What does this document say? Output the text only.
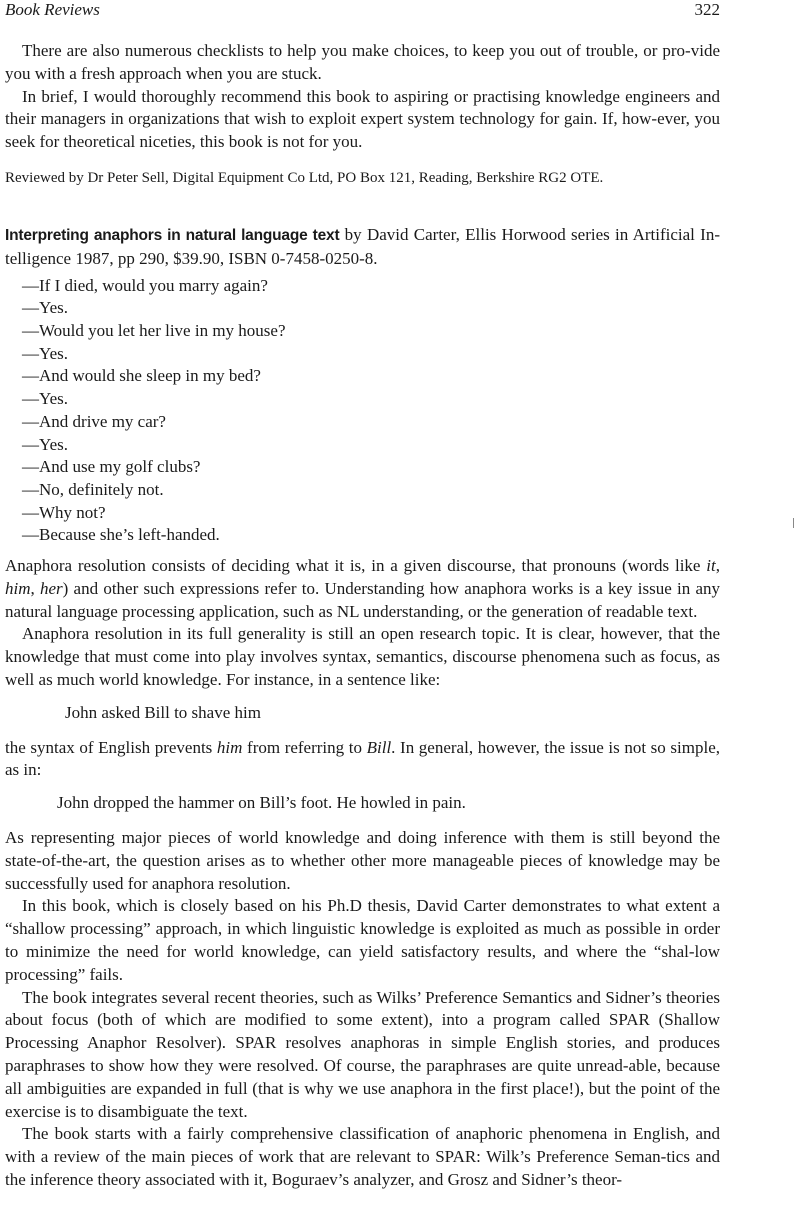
Book Reviews	322

There are also numerous checklists to help you make choices, to keep you out of trouble, or pro-vide you with a fresh approach when you are stuck.

In brief, I would thoroughly recommend this book to aspiring or practising knowledge engineers and their managers in organizations that wish to exploit expert system technology for gain. If, how-ever, you seek for theoretical niceties, this book is not for you.

Reviewed by Dr Peter Sell, Digital Equipment Co Ltd, PO Box 121, Reading, Berkshire RG2 OTE.

Interpreting anaphors in natural language text by David Carter, Ellis Horwood series in Artificial In-telligence 1987, pp 290, $39.90, ISBN 0-7458-0250-8.

—If I died, would you marry again?
—Yes.
—Would you let her live in my house?
—Yes.
—And would she sleep in my bed?
—Yes.
—And drive my car?
—Yes.
—And use my golf clubs?
—No, definitely not.
—Why not?
—Because she’s left-handed.

Anaphora resolution consists of deciding what it is, in a given discourse, that pronouns (words like it, him, her) and other such expressions refer to. Understanding how anaphora works is a key issue in any natural language processing application, such as NL understanding, or the generation of readable text.

Anaphora resolution in its full generality is still an open research topic. It is clear, however, that the knowledge that must come into play involves syntax, semantics, discourse phenomena such as focus, as well as much world knowledge. For instance, in a sentence like:

John asked Bill to shave him

the syntax of English prevents him from referring to Bill. In general, however, the issue is not so simple, as in:

John dropped the hammer on Bill’s foot. He howled in pain.

As representing major pieces of world knowledge and doing inference with them is still beyond the state-of-the-art, the question arises as to whether other more manageable pieces of knowledge may be successfully used for anaphora resolution.

In this book, which is closely based on his Ph.D thesis, David Carter demonstrates to what extent a “shallow processing” approach, in which linguistic knowledge is exploited as much as possible in order to minimize the need for world knowledge, can yield satisfactory results, and where the “shal-low processing” fails.

The book integrates several recent theories, such as Wilks’ Preference Semantics and Sidner’s theories about focus (both of which are modified to some extent), into a program called SPAR (Shallow Processing Anaphor Resolver). SPAR resolves anaphoras in simple English stories, and produces paraphrases to show how they were resolved. Of course, the paraphrases are quite unread-able, because all ambiguities are expanded in full (that is why we use anaphora in the first place!), but the point of the exercise is to disambiguate the text.

The book starts with a fairly comprehensive classification of anaphoric phenomena in English, and with a review of the main pieces of work that are relevant to SPAR: Wilk’s Preference Seman-tics and the inference theory associated with it, Boguraev’s analyzer, and Grosz and Sidner’s theor-
